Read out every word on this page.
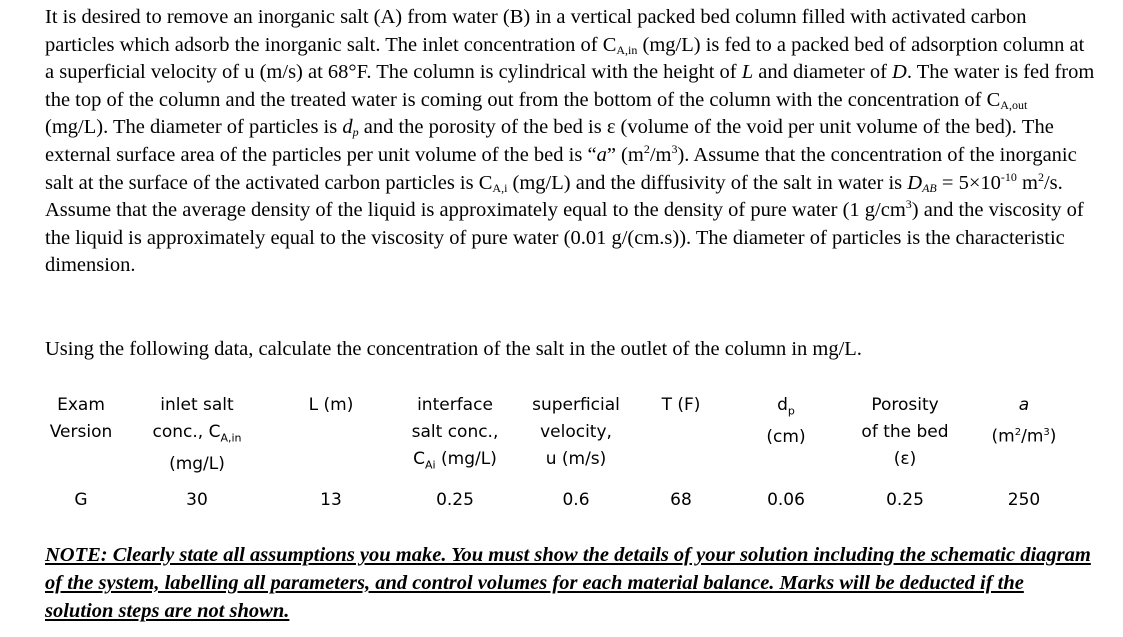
It is desired to remove an inorganic salt (A) from water (B) in a vertical packed bed column filled with activated carbon particles which adsorb the inorganic salt. The inlet concentration of $C_{A,in}$ (mg/L) is fed to a packed bed of adsorption column at a superficial velocity of u (m/s) at 68°F. The column is cylindrical with the height of L and diameter of D. The water is fed from the top of the column and the treated water is coming out from the bottom of the column with the concentration of $C_{A,out}$ (mg/L). The diameter of particles is $d_p$ and the porosity of the bed is ε (volume of the void per unit volume of the bed). The external surface area of the particles per unit volume of the bed is “a” $(m^2/m^3)$. Assume that the concentration of the inorganic salt at the surface of the activated carbon particles is $C_{A,i}$ (mg/L) and the diffusivity of the salt in water is $D_{AB} = 5\times 10^{-10}$ $m^2/s$. Assume that the average density of the liquid is approximately equal to the density of pure water (1 $g/cm^3$) and the viscosity of the liquid is approximately equal to the viscosity of pure water (0.01 g/(cm.s)). The diameter of particles is the characteristic dimension.
Using the following data, calculate the concentration of the salt in the outlet of the column in mg/L.
Exam
Version	inlet salt
conc., $C_{A,in}$
(mg/L)	L (m)	interface
salt conc.,
$C_{Ai}$ (mg/L)	superficial
velocity,
u (m/s)	T (F)	$d_p$
(cm)	Porosity
of the bed
(ε)	a
$(m^2/m^3)$
G	30	13	0.25	0.6	68	0.06	0.25	250
NOTE: Clearly state all assumptions you make. You must show the details of your solution including the schematic diagram of the system, labelling all parameters, and control volumes for each material balance. Marks will be deducted if the solution steps are not shown.
